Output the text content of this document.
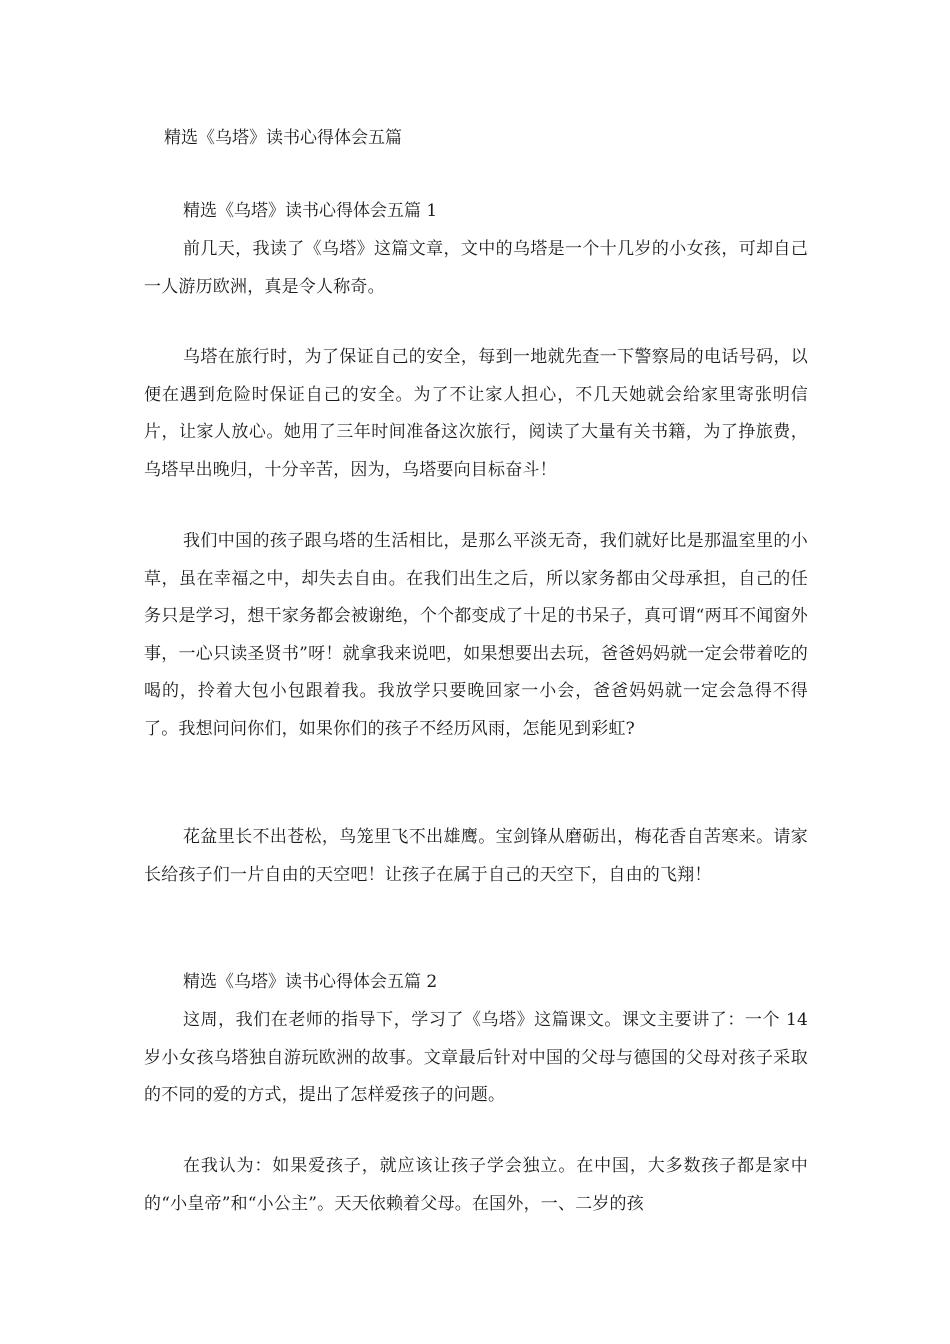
精选《乌塔》读书心得体会五篇
精选《乌塔》读书心得体会五篇 1

前几天，我读了《乌塔》这篇文章，文中的乌塔是一个十几岁的小女孩，可却自己一人游历欧洲，真是令人称奇。

乌塔在旅行时，为了保证自己的安全，每到一地就先查一下警察局的电话号码，以便在遇到危险时保证自己的安全。为了不让家人担心，不几天她就会给家里寄张明信片，让家人放心。她用了三年时间准备这次旅行，阅读了大量有关书籍，为了挣旅费，乌塔早出晚归，十分辛苦，因为，乌塔要向目标奋斗！

我们中国的孩子跟乌塔的生活相比，是那么平淡无奇，我们就好比是那温室里的小草，虽在幸福之中，却失去自由。在我们出生之后，所以家务都由父母承担，自己的任务只是学习，想干家务都会被谢绝，个个都变成了十足的书呆子，真可谓“两耳不闻窗外事，一心只读圣贤书”呀！就拿我来说吧，如果想要出去玩，爸爸妈妈就一定会带着吃的喝的，拎着大包小包跟着我。我放学只要晚回家一小会，爸爸妈妈就一定会急得不得了。我想问问你们，如果你们的孩子不经历风雨，怎能见到彩虹?

花盆里长不出苍松，鸟笼里飞不出雄鹰。宝剑锋从磨砺出，梅花香自苦寒来。请家长给孩子们一片自由的天空吧！让孩子在属于自己的天空下，自由的飞翔！

精选《乌塔》读书心得体会五篇 2

这周，我们在老师的指导下，学习了《乌塔》这篇课文。课文主要讲了：一个 14 岁小女孩乌塔独自游玩欧洲的故事。文章最后针对中国的父母与德国的父母对孩子采取的不同的爱的方式，提出了怎样爱孩子的问题。

在我认为：如果爱孩子，就应该让孩子学会独立。在中国，大多数孩子都是家中的“小皇帝”和“小公主”。天天依赖着父母。在国外，一、二岁的孩
